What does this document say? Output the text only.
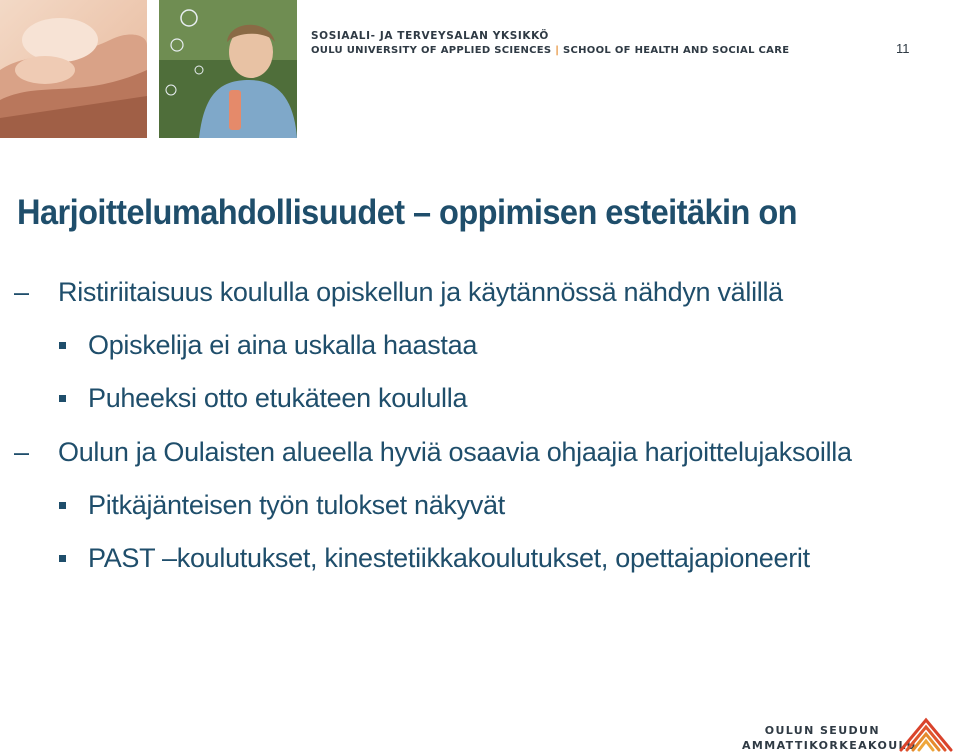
SOSIAALI- JA TERVEYSALAN YKSIKKÖ
OULU UNIVERSITY OF APPLIED SCIENCES | SCHOOL OF HEALTH AND SOCIAL CARE	11
Harjoittelumahdollisuudet – oppimisen esteitäkin on
– Ristiriitaisuus koululla opiskellun ja käytännössä nähdyn välillä
Opiskelija ei aina uskalla haastaa
Puheeksi otto etukäteen koululla
– Oulun ja Oulaisten alueella hyviä osaavia ohjaajia harjoittelujaksoilla
Pitkäjänteisen työn tulokset näkyvät
PAST –koulutukset, kinestetiikkakoulutukset, opettajapioneerit
OULUN SEUDUN
AMMATTIKORKEAKOULU
